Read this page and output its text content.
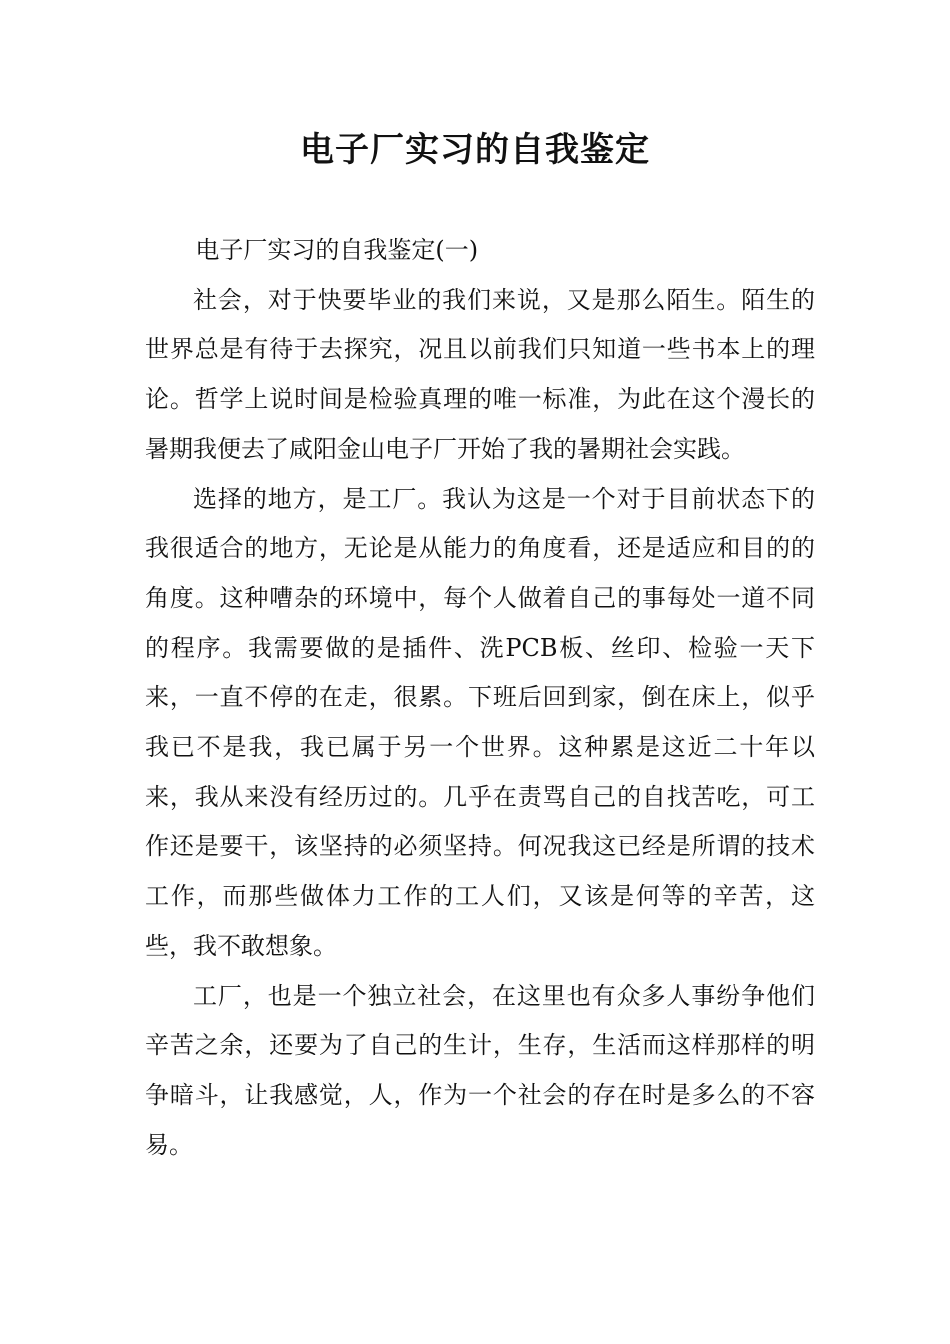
电子厂实习的自我鉴定

电子厂实习的自我鉴定(一)

社会，对于快要毕业的我们来说，又是那么陌生。陌生的世界总是有待于去探究，况且以前我们只知道一些书本上的理论。哲学上说时间是检验真理的唯一标准，为此在这个漫长的暑期我便去了咸阳金山电子厂开始了我的暑期社会实践。

选择的地方，是工厂。我认为这是一个对于目前状态下的我很适合的地方，无论是从能力的角度看，还是适应和目的的角度。这种嘈杂的环境中，每个人做着自己的事每处一道不同的程序。我需要做的是插件、洗PCB板、丝印、检验一天下来，一直不停的在走，很累。下班后回到家，倒在床上，似乎我已不是我，我已属于另一个世界。这种累是这近二十年以来，我从来没有经历过的。几乎在责骂自己的自找苦吃，可工作还是要干，该坚持的必须坚持。何况我这已经是所谓的技术工作，而那些做体力工作的工人们，又该是何等的辛苦，这些，我不敢想象。

工厂，也是一个独立社会，在这里也有众多人事纷争他们辛苦之余，还要为了自己的生计，生存，生活而这样那样的明争暗斗，让我感觉，人，作为一个社会的存在时是多么的不容易。
